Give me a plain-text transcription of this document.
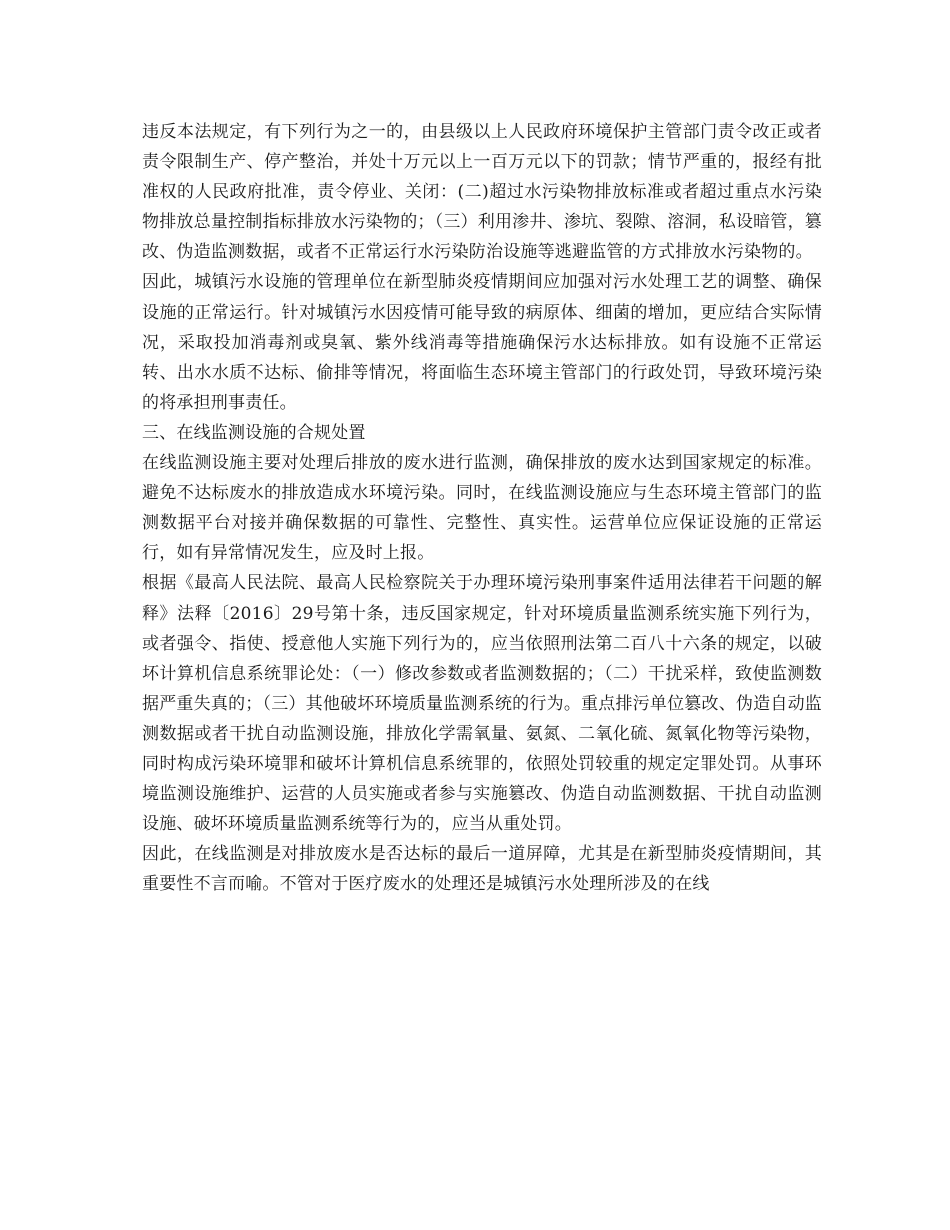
违反本法规定，有下列行为之一的，由县级以上人民政府环境保护主管部门责令改正或者责令限制生产、停产整治，并处十万元以上一百万元以下的罚款；情节严重的，报经有批准权的人民政府批准，责令停业、关闭：(二)超过水污染物排放标准或者超过重点水污染物排放总量控制指标排放水污染物的；（三）利用渗井、渗坑、裂隙、溶洞，私设暗管，篡改、伪造监测数据，或者不正常运行水污染防治设施等逃避监管的方式排放水污染物的。

因此，城镇污水设施的管理单位在新型肺炎疫情期间应加强对污水处理工艺的调整、确保设施的正常运行。针对城镇污水因疫情可能导致的病原体、细菌的增加，更应结合实际情况，采取投加消毒剂或臭氧、紫外线消毒等措施确保污水达标排放。如有设施不正常运转、出水水质不达标、偷排等情况，将面临生态环境主管部门的行政处罚，导致环境污染的将承担刑事责任。

三、在线监测设施的合规处置

在线监测设施主要对处理后排放的废水进行监测，确保排放的废水达到国家规定的标准。避免不达标废水的排放造成水环境污染。同时，在线监测设施应与生态环境主管部门的监测数据平台对接并确保数据的可靠性、完整性、真实性。运营单位应保证设施的正常运行，如有异常情况发生，应及时上报。

根据《最高人民法院、最高人民检察院关于办理环境污染刑事案件适用法律若干问题的解释》法释〔2016〕29号第十条，违反国家规定，针对环境质量监测系统实施下列行为，或者强令、指使、授意他人实施下列行为的，应当依照刑法第二百八十六条的规定，以破坏计算机信息系统罪论处：（一）修改参数或者监测数据的；（二）干扰采样，致使监测数据严重失真的；（三）其他破坏环境质量监测系统的行为。重点排污单位篡改、伪造自动监测数据或者干扰自动监测设施，排放化学需氧量、氨氮、二氧化硫、氮氧化物等污染物，同时构成污染环境罪和破坏计算机信息系统罪的，依照处罚较重的规定定罪处罚。从事环境监测设施维护、运营的人员实施或者参与实施篡改、伪造自动监测数据、干扰自动监测设施、破坏环境质量监测系统等行为的，应当从重处罚。

因此，在线监测是对排放废水是否达标的最后一道屏障，尤其是在新型肺炎疫情期间，其重要性不言而喻。不管对于医疗废水的处理还是城镇污水处理所涉及的在线
